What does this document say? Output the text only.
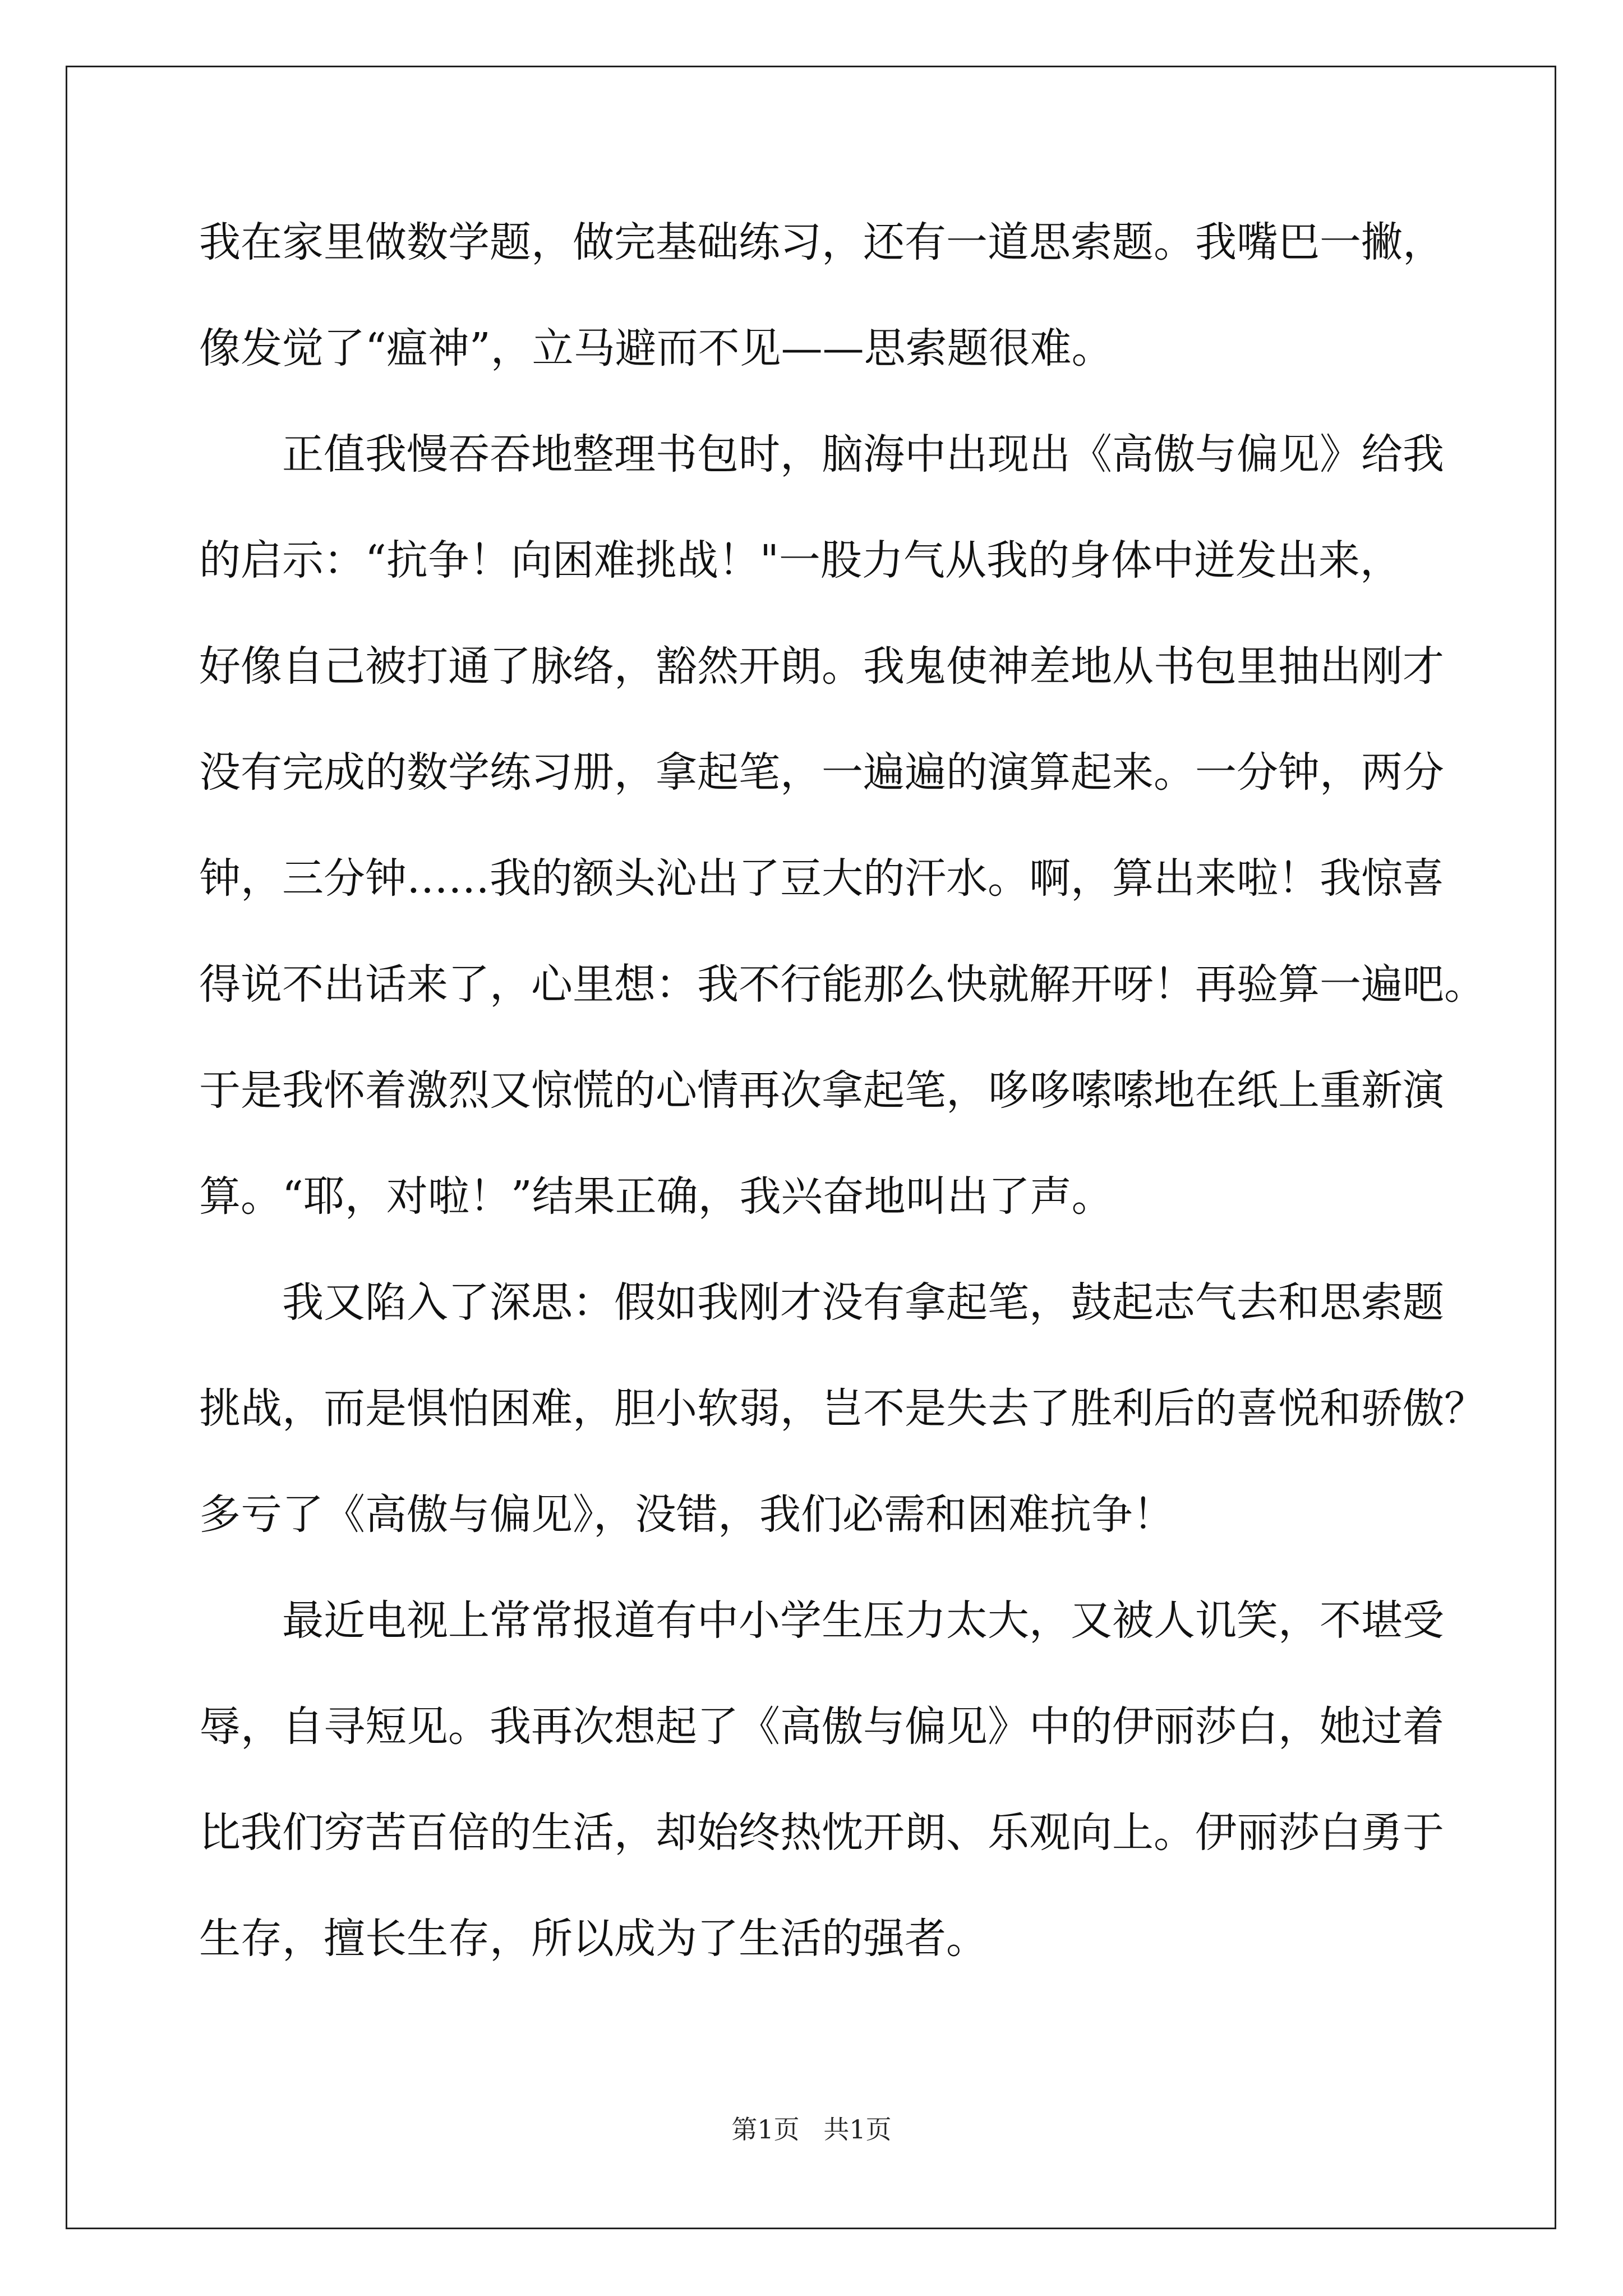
我在家里做数学题，做完基础练习，还有一道思索题。我嘴巴一撇，
像发觉了“瘟神”，立马避而不见——思索题很难。
正值我慢吞吞地整理书包时，脑海中出现出《高傲与偏见》给我
的启示：“抗争！向困难挑战！"一股力气从我的身体中迸发出来，
好像自己被打通了脉络，豁然开朗。我鬼使神差地从书包里抽出刚才
没有完成的数学练习册，拿起笔，一遍遍的演算起来。一分钟，两分
钟，三分钟……我的额头沁出了豆大的汗水。啊，算出来啦！我惊喜
得说不出话来了，心里想：我不行能那么快就解开呀！再验算一遍吧。
于是我怀着激烈又惊慌的心情再次拿起笔，哆哆嗦嗦地在纸上重新演
算。“耶，对啦！”结果正确，我兴奋地叫出了声。
我又陷入了深思：假如我刚才没有拿起笔，鼓起志气去和思索题
挑战，而是惧怕困难，胆小软弱，岂不是失去了胜利后的喜悦和骄傲？
多亏了《高傲与偏见》，没错，我们必需和困难抗争！
最近电视上常常报道有中小学生压力太大，又被人讥笑，不堪受
辱，自寻短见。我再次想起了《高傲与偏见》中的伊丽莎白，她过着
比我们穷苦百倍的生活，却始终热忱开朗、乐观向上。伊丽莎白勇于
生存，擅长生存，所以成为了生活的强者。
第1页 共1页
